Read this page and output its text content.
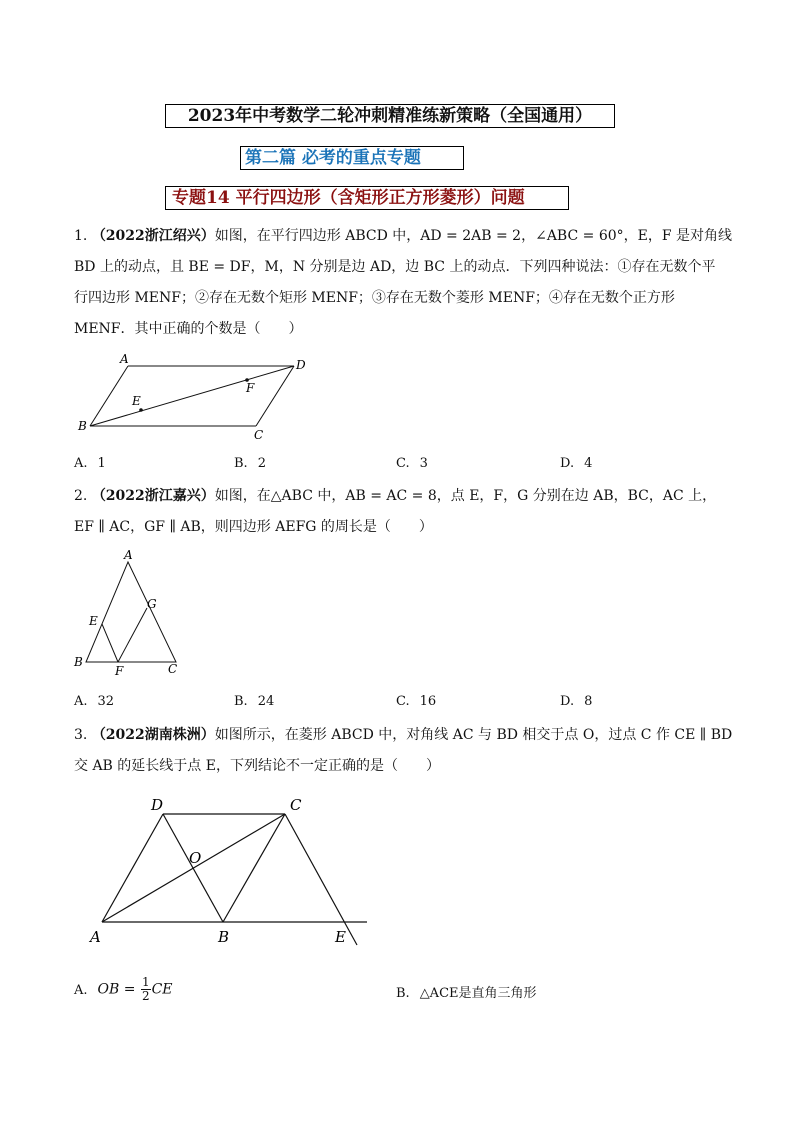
2023年中考数学二轮冲刺精准练新策略（全国通用）
第二篇 必考的重点专题
专题14 平行四边形（含矩形正方形菱形）问题
1. （2022浙江绍兴）如图，在平行四边形 ABCD 中，AD = 2AB = 2，∠ABC = 60°，E，F 是对角线
BD 上的动点，且 BE = DF，M，N 分别是边 AD，边 BC 上的动点．下列四种说法：①存在无数个平
行四边形 MENF；②存在无数个矩形 MENF；③存在无数个菱形 MENF；④存在无数个正方形
MENF．其中正确的个数是（　　）
A	D
B
C
E
F
A. 1	B. 2	C. 3	D. 4
2. （2022浙江嘉兴）如图，在△ABC 中，AB = AC = 8，点 E，F，G 分别在边 AB，BC，AC 上，
EF ∥ AC，GF ∥ AB，则四边形 AEFG 的周长是（　　）
A
E
G
B
F	C
A. 32	B. 24	C. 16	D. 8
3. （2022湖南株洲）如图所示，在菱形 ABCD 中，对角线 AC 与 BD 相交于点 O，过点 C 作 CE ∥ BD
交 AB 的延长线于点 E，下列结论不一定正确的是（　　）
D	C
O
A	B	E
A. OB = $\frac{1}{2}$ CE	B. △ACE是直角三角形
